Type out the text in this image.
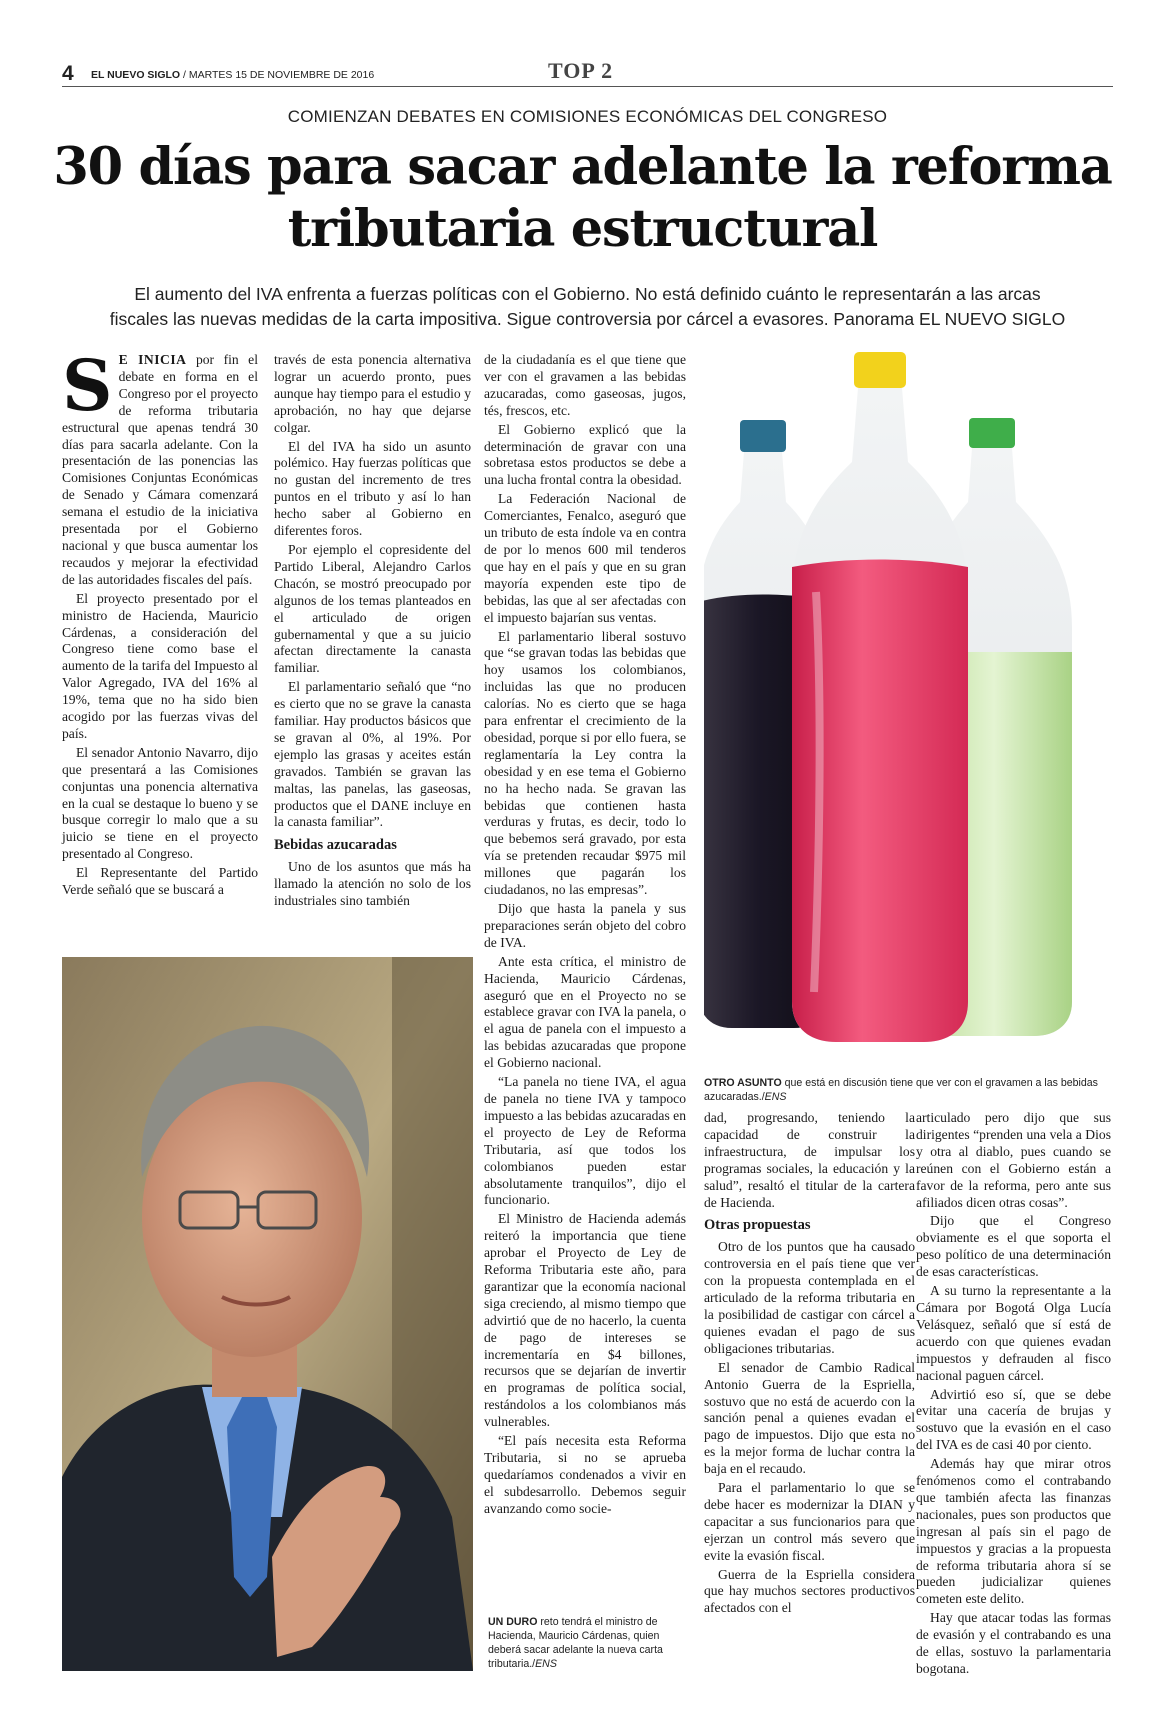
4 EL NUEVO SIGLO / MARTES 15 DE NOVIEMBRE DE 2016	TOP 2
COMIENZAN DEBATES EN COMISIONES ECONÓMICAS DEL CONGRESO
30 días para sacar adelante la reforma
tributaria estructural
El aumento del IVA enfrenta a fuerzas políticas con el Gobierno. No está definido cuánto le representarán a las arcas
fiscales las nuevas medidas de la carta impositiva. Sigue controversia por cárcel a evasores. Panorama EL NUEVO SIGLO

S E INICIA por fin el debate en forma en el Congreso por el proyecto de reforma tributaria estructural que apenas tendrá 30 días para sacarla adelante. Con la presentación de las ponencias las Comisiones Conjuntas Económicas de Senado y Cámara comenzará semana el estudio de la iniciativa presentada por el Gobierno nacional y que busca aumentar los recaudos y mejorar la efectividad de las autoridades fiscales del país.

El proyecto presentado por el ministro de Hacienda, Mauricio Cárdenas, a consideración del Congreso tiene como base el aumento de la tarifa del Impuesto al Valor Agregado, IVA del 16% al 19%, tema que no ha sido bien acogido por las fuerzas vivas del país.

El senador Antonio Navarro, dijo que presentará a las Comisiones conjuntas una ponencia alternativa en la cual se destaque lo bueno y se busque corregir lo malo que a su juicio se tiene en el proyecto presentado al Congreso.

El Representante del Partido Verde señaló que se buscará a

través de esta ponencia alternativa lograr un acuerdo pronto, pues aunque hay tiempo para el estudio y aprobación, no hay que dejarse colgar.

El del IVA ha sido un asunto polémico. Hay fuerzas políticas que no gustan del incremento de tres puntos en el tributo y así lo han hecho saber al Gobierno en diferentes foros.

Por ejemplo el copresidente del Partido Liberal, Alejandro Carlos Chacón, se mostró preocupado por algunos de los temas planteados en el articulado de origen gubernamental y que a su juicio afectan directamente la canasta familiar.

El parlamentario señaló que “no es cierto que no se grave la canasta familiar. Hay productos básicos que se gravan al 0%, al 19%. Por ejemplo las grasas y aceites están gravados. También se gravan las maltas, las panelas, las gaseosas, productos que el DANE incluye en la canasta familiar”.

Bebidas azucaradas

Uno de los asuntos que más ha llamado la atención no solo de los industriales sino también

de la ciudadanía es el que tiene que ver con el gravamen a las bebidas azucaradas, como gaseosas, jugos, tés, frescos, etc.

El Gobierno explicó que la determinación de gravar con una sobretasa estos productos se debe a una lucha frontal contra la obesidad.

La Federación Nacional de Comerciantes, Fenalco, aseguró que un tributo de esta índole va en contra de por lo menos 600 mil tenderos que hay en el país y que en su gran mayoría expenden este tipo de bebidas, las que al ser afectadas con el impuesto bajarían sus ventas.

El parlamentario liberal sostuvo que “se gravan todas las bebidas que hoy usamos los colombianos, incluidas las que no producen calorías. No es cierto que se haga para enfrentar el crecimiento de la obesidad, porque si por ello fuera, se reglamentaría la Ley contra la obesidad y en ese tema el Gobierno no ha hecho nada. Se gravan las bebidas que contienen hasta verduras y frutas, es decir, todo lo que bebemos será gravado, por esta vía se pretenden recaudar $975 mil millones que pagarán los ciudadanos, no las empresas”.

Dijo que hasta la panela y sus preparaciones serán objeto del cobro de IVA.

Ante esta crítica, el ministro de Hacienda, Mauricio Cárdenas, aseguró que en el Proyecto no se establece gravar con IVA la panela, o el agua de panela con el impuesto a las bebidas azucaradas que propone el Gobierno nacional.

“La panela no tiene IVA, el agua de panela no tiene IVA y tampoco impuesto a las bebidas azucaradas en el proyecto de Ley de Reforma Tributaria, así que todos los colombianos pueden estar absolutamente tranquilos”, dijo el funcionario.

El Ministro de Hacienda además reiteró la importancia que tiene aprobar el Proyecto de Ley de Reforma Tributaria este año, para garantizar que la economía nacional siga creciendo, al mismo tiempo que advirtió que de no hacerlo, la cuenta de pago de intereses se incrementaría en $4 billones, recursos que se dejarían de invertir en programas de política social, restándolos a los colombianos más vulnerables.

“El país necesita esta Reforma Tributaria, si no se aprueba quedaríamos condenados a vivir en el subdesarrollo. Debemos seguir avanzando como socie-

OTRO ASUNTO que está en discusión tiene que ver con el gravamen a las bebidas azucaradas./ENS
UN DURO reto tendrá el ministro de Hacienda, Mauricio Cárdenas, quien deberá sacar adelante la nueva carta tributaria./ENS

dad, progresando, teniendo la capacidad de construir la infraestructura, de impulsar los programas sociales, la educación y la salud”, resaltó el titular de la cartera de Hacienda.

Otras propuestas

Otro de los puntos que ha causado controversia en el país tiene que ver con la propuesta contemplada en el articulado de la reforma tributaria en la posibilidad de castigar con cárcel a quienes evadan el pago de sus obligaciones tributarias.

El senador de Cambio Radical Antonio Guerra de la Espriella, sostuvo que no está de acuerdo con la sanción penal a quienes evadan el pago de impuestos. Dijo que esta no es la mejor forma de luchar contra la baja en el recaudo.

Para el parlamentario lo que se debe hacer es modernizar la DIAN y capacitar a sus funcionarios para que ejerzan un control más severo que evite la evasión fiscal.

Guerra de la Espriella considera que hay muchos sectores productivos afectados con el

articulado pero dijo que sus dirigentes “prenden una vela a Dios y otra al diablo, pues cuando se reúnen con el Gobierno están a favor de la reforma, pero ante sus afiliados dicen otras cosas”.

Dijo que el Congreso obviamente es el que soporta el peso político de una determinación de esas características.

A su turno la representante a la Cámara por Bogotá Olga Lucía Velásquez, señaló que sí está de acuerdo con que quienes evadan impuestos y defrauden al fisco nacional paguen cárcel.

Advirtió eso sí, que se debe evitar una cacería de brujas y sostuvo que la evasión en el caso del IVA es de casi 40 por ciento.

Además hay que mirar otros fenómenos como el contrabando que también afecta las finanzas nacionales, pues son productos que ingresan al país sin el pago de impuestos y gracias a la propuesta de reforma tributaria ahora sí se pueden judicializar quienes cometen este delito.

Hay que atacar todas las formas de evasión y el contrabando es una de ellas, sostuvo la parlamentaria bogotana.
